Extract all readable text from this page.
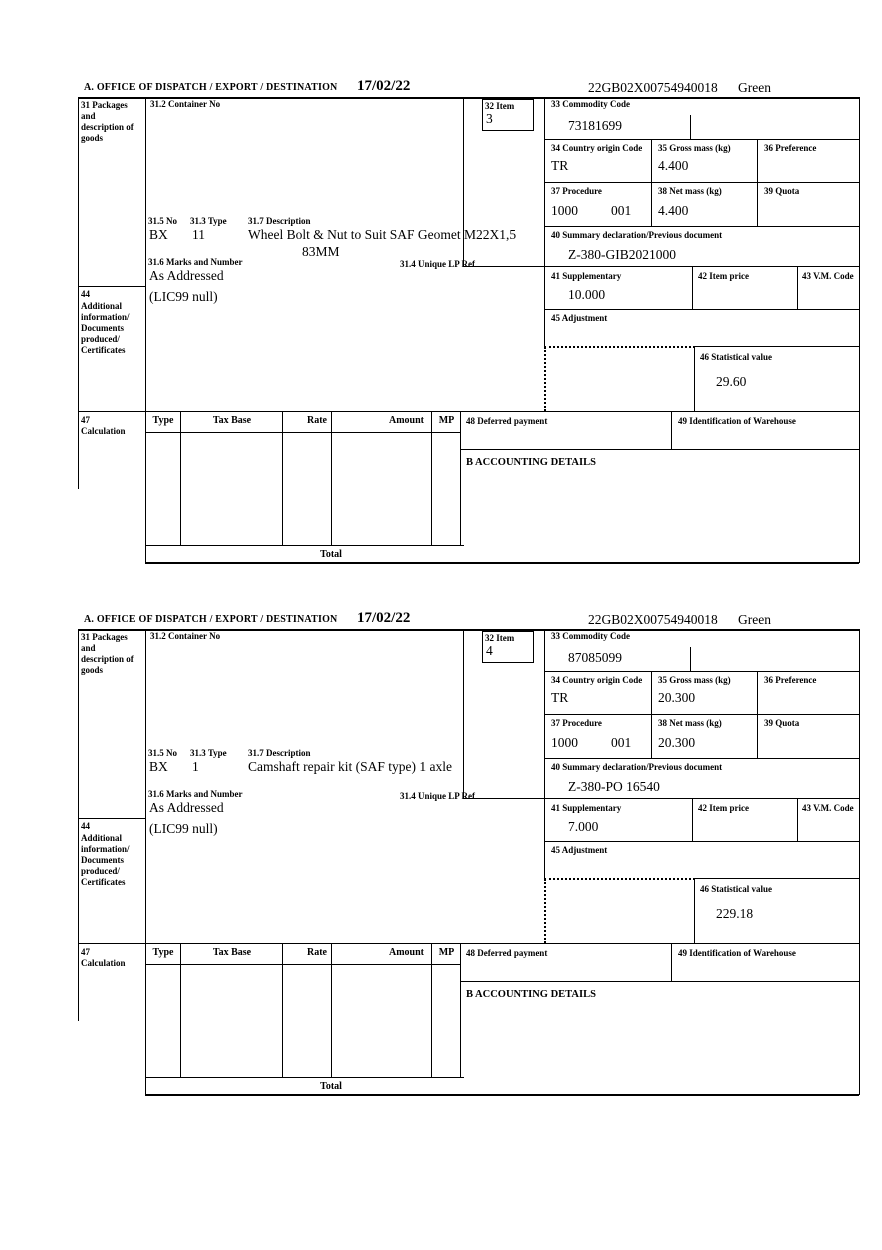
A. OFFICE OF DISPATCH / EXPORT / DESTINATION 17/02/22	22GB02X00754940018 Green
31 Packages and description of goods
31.2 Container No	32 Item
3
33 Commodity Code
73181699
34 Country origin Code
TR
35 Gross mass (kg)
4.400
36 Preference
37 Procedure
1000 001
38 Net mass (kg)
4.400
39 Quota
31.5 No 31.3 Type 31.7 Description
BX 11	Wheel Bolt & Nut to Suit SAF Geomet M22X1,5
83MM
40 Summary declaration/Previous document
Z-380-GIB2021000
31.6 Marks and Number	31.4 Unique LP Ref
As Addressed	41 Supplementary
10.000
42 Item price	43 V.M. Code
44
Additional information/ Documents produced/ Certificates
(LIC99 null)
45 Adjustment
46 Statistical value
29.60
47 Calculation
Type	Tax Base	Rate	Amount	MP	48 Deferred payment	49 Identification of Warehouse
B ACCOUNTING DETAILS
Total
A. OFFICE OF DISPATCH / EXPORT / DESTINATION 17/02/22	22GB02X00754940018 Green
31 Packages and description of goods
31.2 Container No	32 Item
4
33 Commodity Code
87085099
34 Country origin Code
TR
35 Gross mass (kg)
20.300
36 Preference
37 Procedure
1000 001
38 Net mass (kg)
20.300
39 Quota
31.5 No 31.3 Type 31.7 Description
BX 1	Camshaft repair kit (SAF type) 1 axle	40 Summary declaration/Previous document
Z-380-PO 16540
31.6 Marks and Number	31.4 Unique LP Ref
As Addressed	41 Supplementary
7.000
42 Item price	43 V.M. Code
44
Additional information/ Documents produced/ Certificates
(LIC99 null)
45 Adjustment
46 Statistical value
229.18
47 Calculation
Type	Tax Base	Rate	Amount	MP	48 Deferred payment	49 Identification of Warehouse
B ACCOUNTING DETAILS
Total
